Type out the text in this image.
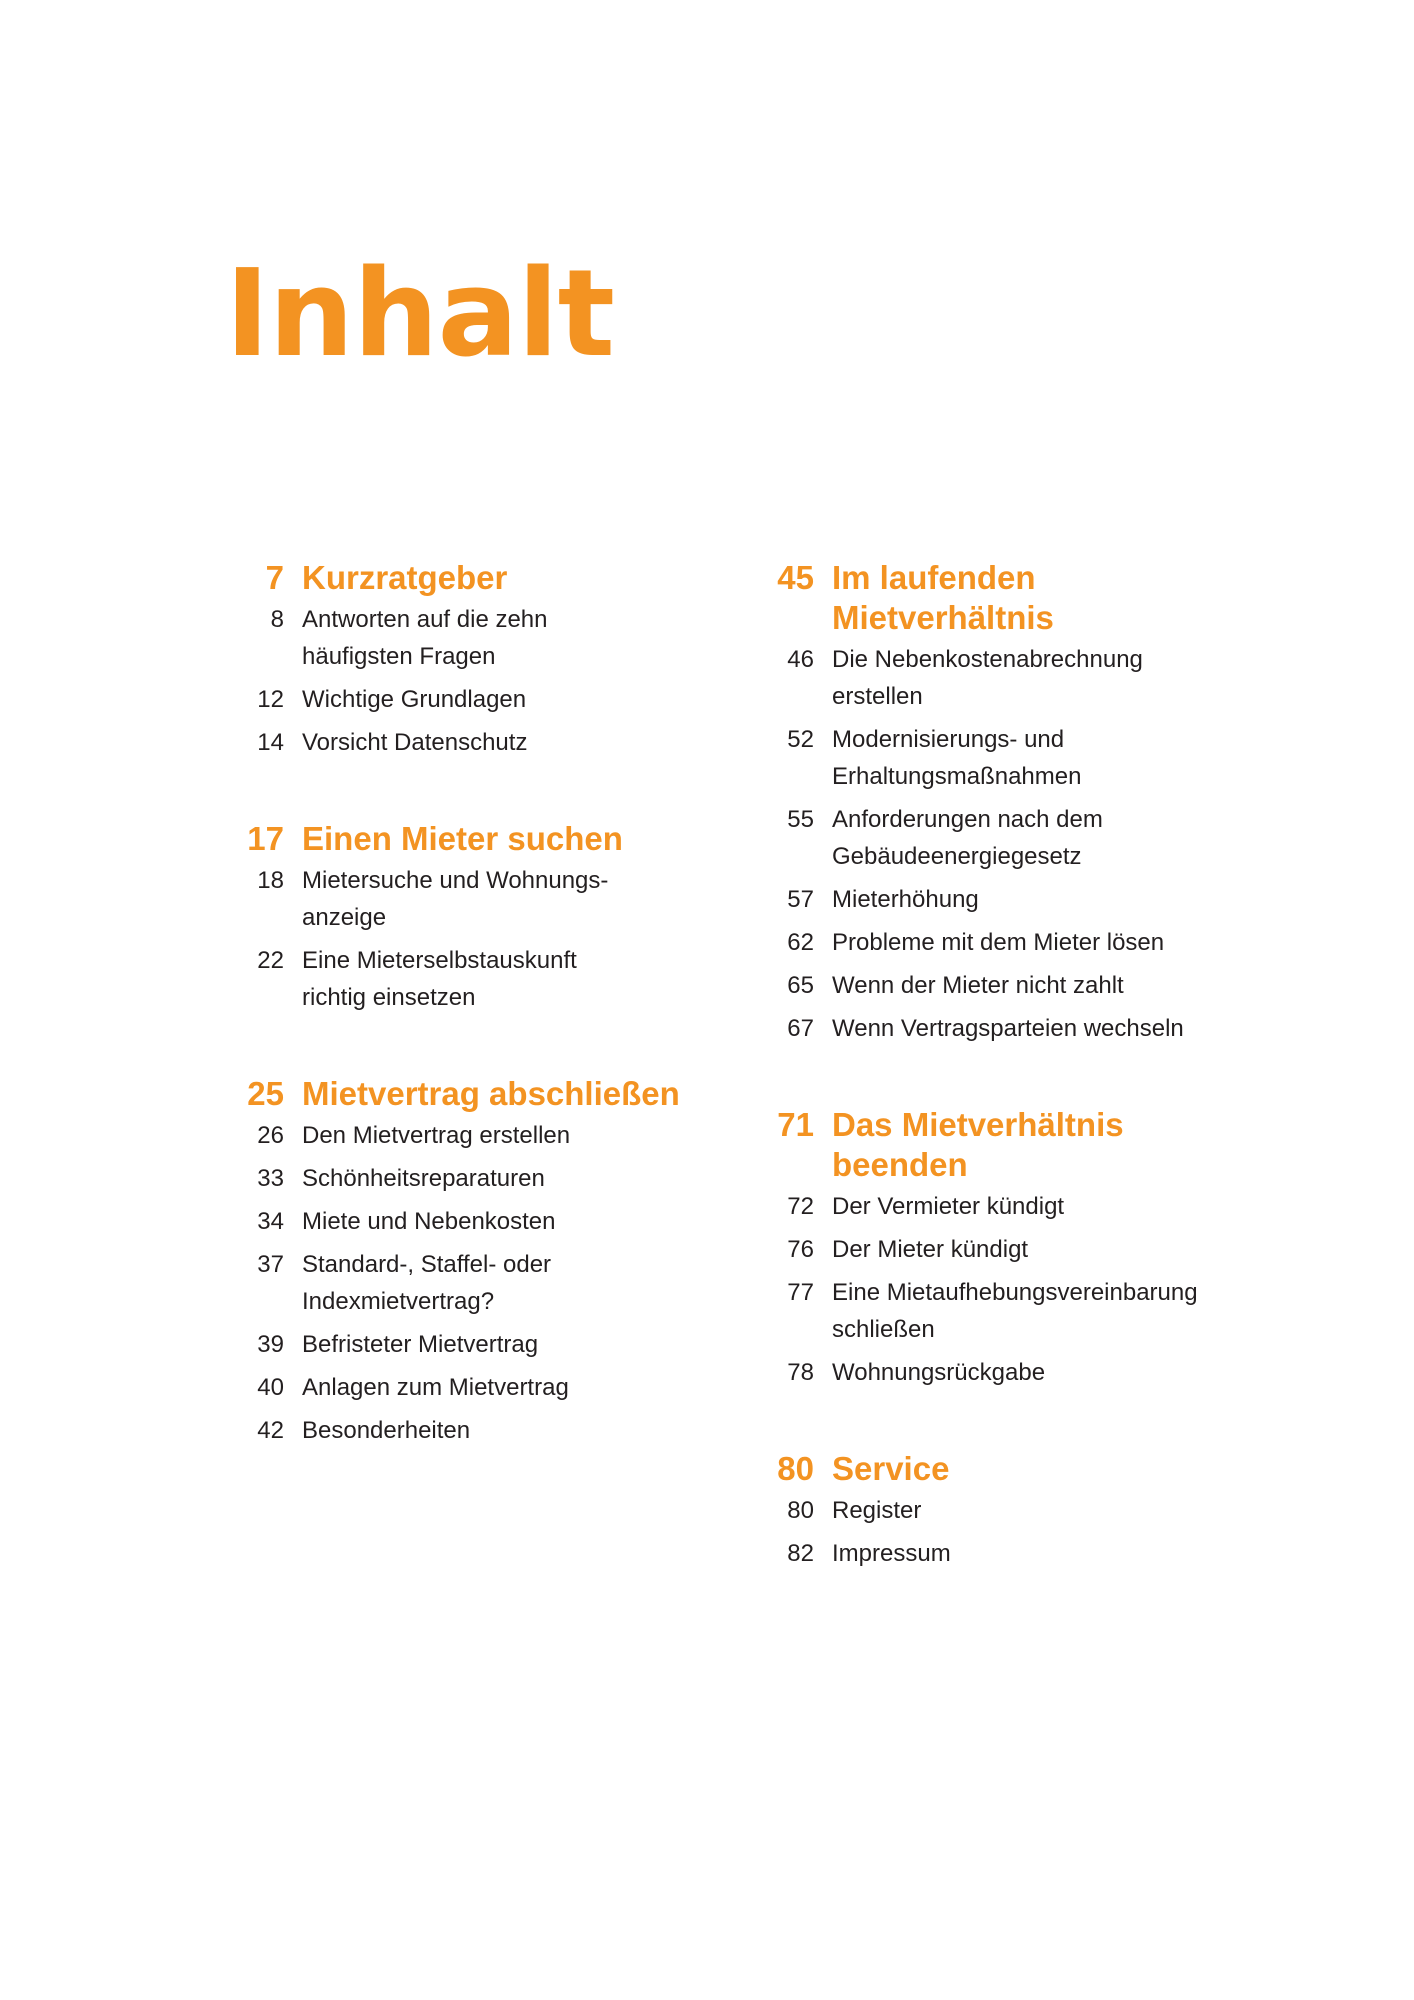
Inhalt
7 Kurzratgeber
8 Antworten auf die zehn häufigsten Fragen
12 Wichtige Grundlagen
14 Vorsicht Datenschutz
17 Einen Mieter suchen
18 Mietersuche und Wohnungsanzeige
22 Eine Mieterselbstauskunft richtig einsetzen
25 Mietvertrag abschließen
26 Den Mietvertrag erstellen
33 Schönheitsreparaturen
34 Miete und Nebenkosten
37 Standard-, Staffel- oder Indexmietvertrag?
39 Befristeter Mietvertrag
40 Anlagen zum Mietvertrag
42 Besonderheiten
45 Im laufenden Mietverhältnis
46 Die Nebenkostenabrechnung erstellen
52 Modernisierungs- und Erhaltungsmaßnahmen
55 Anforderungen nach dem Gebäudeenergiegesetz
57 Mieterhöhung
62 Probleme mit dem Mieter lösen
65 Wenn der Mieter nicht zahlt
67 Wenn Vertragsparteien wechseln
71 Das Mietverhältnis beenden
72 Der Vermieter kündigt
76 Der Mieter kündigt
77 Eine Mietaufhebungsvereinbarung schließen
78 Wohnungsrückgabe
80 Service
80 Register
82 Impressum
